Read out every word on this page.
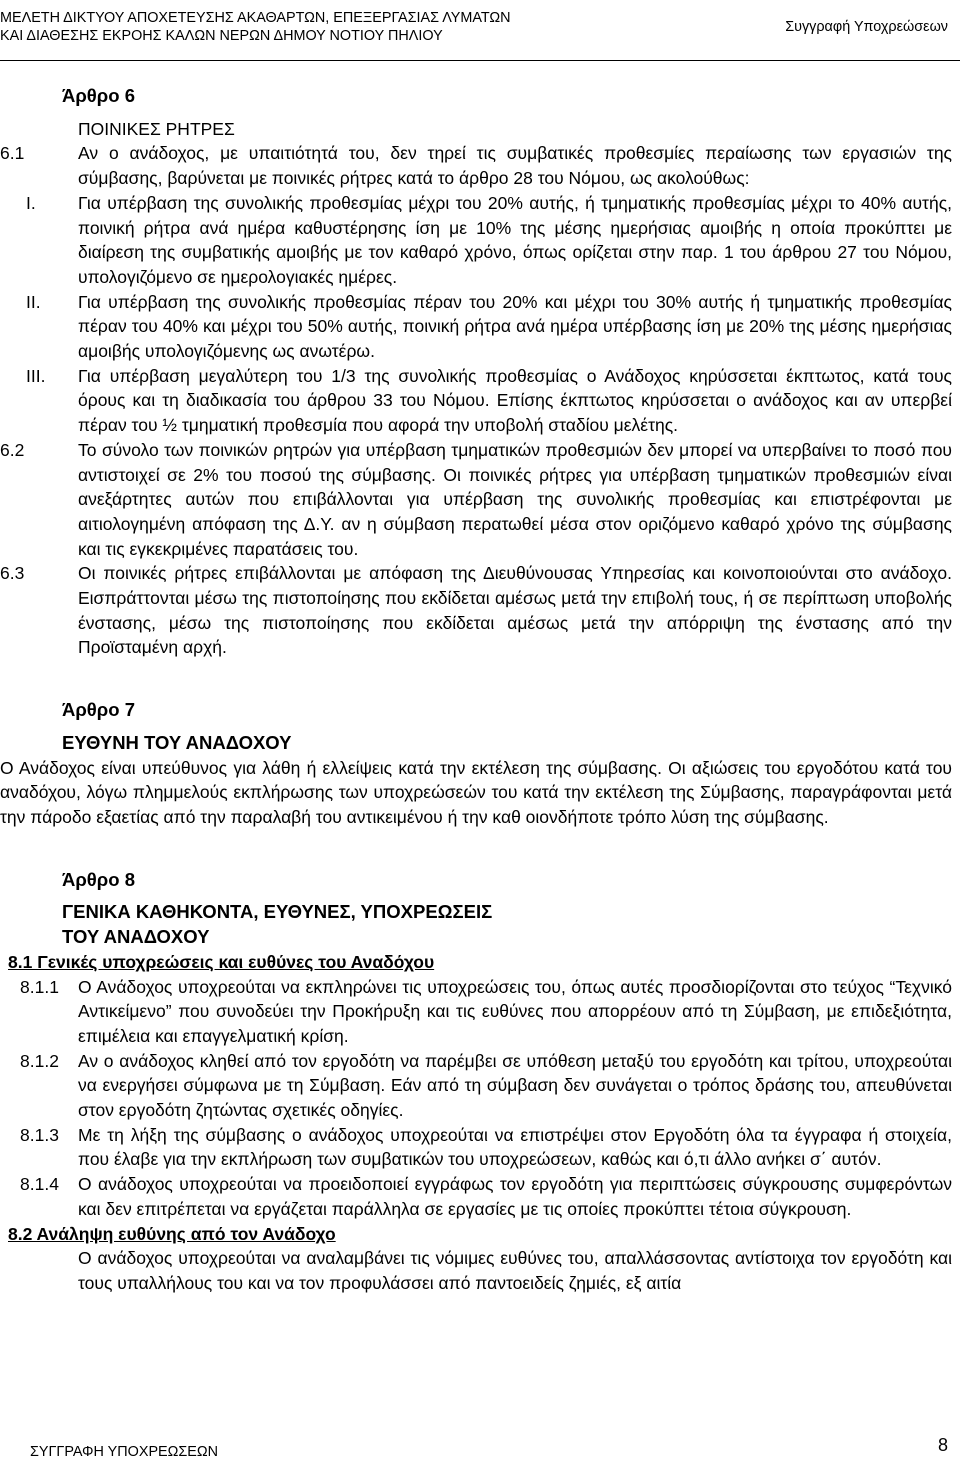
ΜΕΛΕΤΗ ΔΙΚΤΥΟΥ ΑΠΟΧΕΤΕΥΣΗΣ ΑΚΑΘΑΡΤΩΝ, ΕΠΕΞΕΡΓΑΣΙΑΣ ΛΥΜΑΤΩΝ
ΚΑΙ ΔΙΑΘΕΣΗΣ ΕΚΡΟΗΣ ΚΑΛΩΝ ΝΕΡΩΝ ΔΗΜΟΥ ΝΟΤΙΟΥ ΠΗΛΙΟΥ
Συγγραφή Υποχρεώσεων
Άρθρο 6
ΠΟΙΝΙΚΕΣ ΡΗΤΡΕΣ
6.1	Αν ο ανάδοχος, με υπαιτιότητά του, δεν τηρεί τις συμβατικές προθεσμίες περαίωσης των εργασιών της σύμβασης, βαρύνεται με ποινικές ρήτρες κατά το άρθρο 28 του Νόμου, ως ακολούθως:
I. Για υπέρβαση της συνολικής προθεσμίας μέχρι του 20% αυτής, ή τμηματικής προθεσμίας μέχρι το 40% αυτής, ποινική ρήτρα ανά ημέρα καθυστέρησης ίση με 10% της μέσης ημερήσιας αμοιβής η οποία προκύπτει με διαίρεση της συμβατικής αμοιβής με τον καθαρό χρόνο, όπως ορίζεται στην παρ. 1 του άρθρου 27 του Νόμου, υπολογιζόμενο σε ημερολογιακές ημέρες.
II. Για υπέρβαση της συνολικής προθεσμίας πέραν του 20% και μέχρι του 30% αυτής ή τμηματικής προθεσμίας πέραν του 40% και μέχρι του 50% αυτής, ποινική ρήτρα ανά ημέρα υπέρβασης ίση με 20% της μέσης ημερήσιας αμοιβής υπολογιζόμενης ως ανωτέρω.
III. Για υπέρβαση μεγαλύτερη του 1/3 της συνολικής προθεσμίας ο Ανάδοχος κηρύσσεται έκπτωτος, κατά τους όρους και τη διαδικασία του άρθρου 33 του Νόμου. Επίσης έκπτωτος κηρύσσεται ο ανάδοχος και αν υπερβεί πέραν του ½ τμηματική προθεσμία που αφορά την υποβολή σταδίου μελέτης.
6.2	Το σύνολο των ποινικών ρητρών για υπέρβαση τμηματικών προθεσμιών δεν μπορεί να υπερβαίνει το ποσό που αντιστοιχεί σε 2% του ποσού της σύμβασης. Οι ποινικές ρήτρες για υπέρβαση τμηματικών προθεσμιών είναι ανεξάρτητες αυτών που επιβάλλονται για υπέρβαση της συνολικής προθεσμίας και επιστρέφονται με αιτιολογημένη απόφαση της Δ.Υ. αν η σύμβαση περατωθεί μέσα στον οριζόμενο καθαρό χρόνο της σύμβασης και τις εγκεκριμένες παρατάσεις του.
6.3	Οι ποινικές ρήτρες επιβάλλονται με απόφαση της Διευθύνουσας Υπηρεσίας και κοινοποιούνται στο ανάδοχο. Εισπράττονται μέσω της πιστοποίησης που εκδίδεται αμέσως μετά την επιβολή τους, ή σε περίπτωση υποβολής ένστασης, μέσω της πιστοποίησης που εκδίδεται αμέσως μετά την απόρριψη της ένστασης από την Προϊσταμένη αρχή.
Άρθρο 7
ΕΥΘΥΝΗ ΤΟΥ ΑΝΑΔΟΧΟΥ
Ο Ανάδοχος είναι υπεύθυνος για λάθη ή ελλείψεις κατά την εκτέλεση της σύμβασης. Οι αξιώσεις του εργοδότου κατά του αναδόχου, λόγω πλημμελούς εκπλήρωσης των υποχρεώσεών του κατά την εκτέλεση της Σύμβασης, παραγράφονται μετά την πάροδο εξαετίας από την παραλαβή του αντικειμένου ή την καθ οιονδήποτε τρόπο λύση της σύμβασης.
Άρθρο 8
ΓΕΝΙΚΑ ΚΑΘΗΚΟΝΤΑ, ΕΥΘΥΝΕΣ, ΥΠΟΧΡΕΩΣΕΙΣ
ΤΟΥ ΑΝΑΔΟΧΟΥ
8.1 Γενικές υποχρεώσεις και ευθύνες του Αναδόχου
8.1.1 Ο Ανάδοχος υποχρεούται να εκπληρώνει τις υποχρεώσεις του, όπως αυτές προσδιορίζονται στο τεύχος “Τεχνικό Αντικείμενο” που συνοδεύει την Προκήρυξη και τις ευθύνες που απορρέουν από τη Σύμβαση, με επιδεξιότητα, επιμέλεια και επαγγελματική κρίση.
8.1.2 Αν ο ανάδοχος κληθεί από τον εργοδότη να παρέμβει σε υπόθεση μεταξύ του εργοδότη και τρίτου, υποχρεούται να ενεργήσει σύμφωνα με τη Σύμβαση. Εάν από τη σύμβαση δεν συνάγεται ο τρόπος δράσης του, απευθύνεται στον εργοδότη ζητώντας σχετικές οδηγίες.
8.1.3 Με τη λήξη της σύμβασης ο ανάδοχος υποχρεούται να επιστρέψει στον Εργοδότη όλα τα έγγραφα ή στοιχεία, που έλαβε για την εκπλήρωση των συμβατικών του υποχρεώσεων, καθώς και ό,τι άλλο ανήκει σ΄ αυτόν.
8.1.4 Ο ανάδοχος υποχρεούται να προειδοποιεί εγγράφως τον εργοδότη για περιπτώσεις σύγκρουσης συμφερόντων και δεν επιτρέπεται να εργάζεται παράλληλα σε εργασίες με τις οποίες προκύπτει τέτοια σύγκρουση.
8.2 Ανάληψη ευθύνης από τον Ανάδοχο
Ο ανάδοχος υποχρεούται να αναλαμβάνει τις νόμιμες ευθύνες του, απαλλάσσοντας αντίστοιχα τον εργοδότη και τους υπαλλήλους του και να τον προφυλάσσει από παντοειδείς ζημιές, εξ αιτία
ΣΥΓΓΡΑΦΗ ΥΠΟΧΡΕΩΣΕΩΝ	8
